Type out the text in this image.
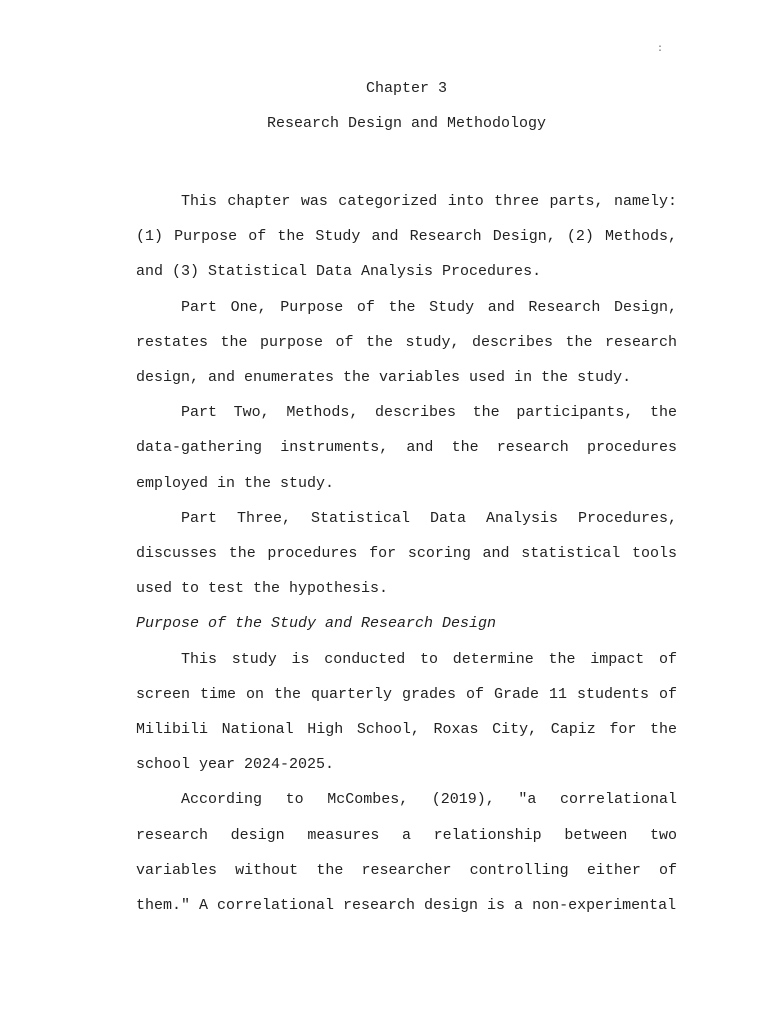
:
Chapter 3
Research Design and Methodology

This chapter was categorized into three parts, namely: (1) Purpose of the Study and Research Design, (2) Methods, and (3) Statistical Data Analysis Procedures.

Part One, Purpose of the Study and Research Design, restates the purpose of the study, describes the research design, and enumerates the variables used in the study.

Part Two, Methods, describes the participants, the data-gathering instruments, and the research procedures employed in the study.

Part Three, Statistical Data Analysis Procedures, discusses the procedures for scoring and statistical tools used to test the hypothesis.

Purpose of the Study and Research Design

This study is conducted to determine the impact of screen time on the quarterly grades of Grade 11 students of Milibili National High School, Roxas City, Capiz for the school year 2024-2025.

According to McCombes, (2019), "a correlational research design measures a relationship between two variables without the researcher controlling either of them." A correlational research design is a non-experimental
